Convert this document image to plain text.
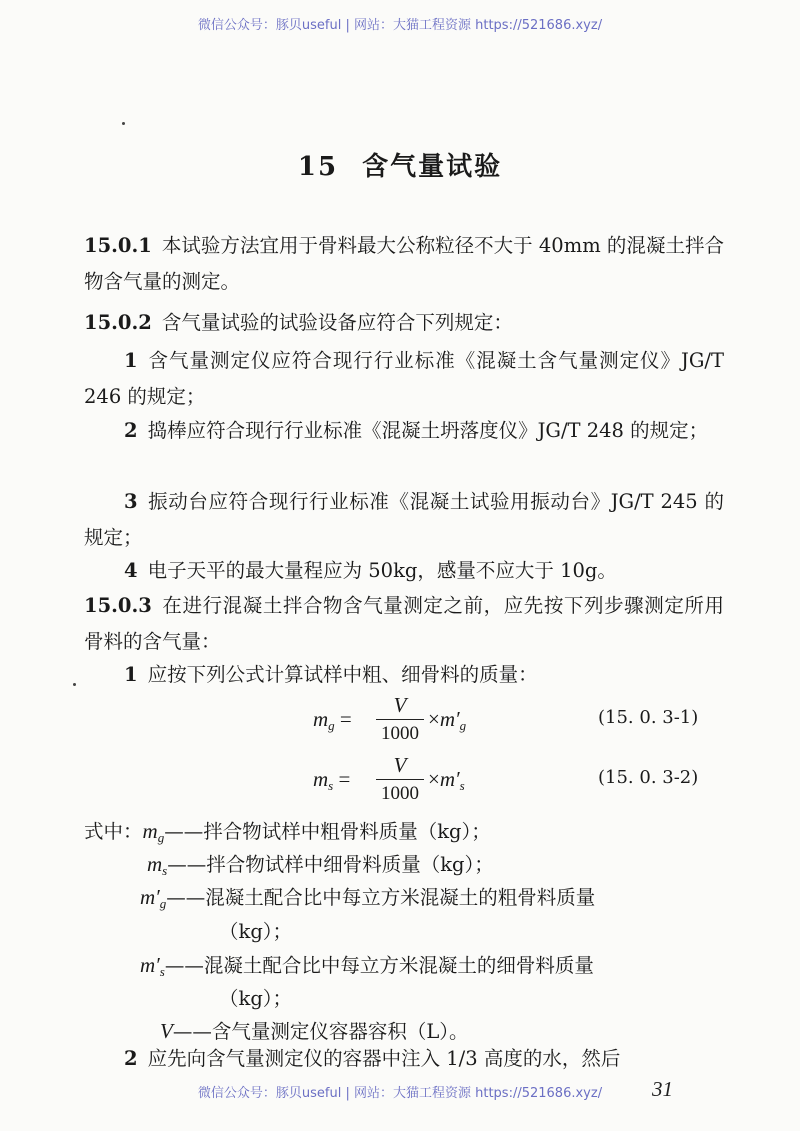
微信公众号：豚贝useful | 网站：大猫工程资源 https://521686.xyz/
15 含气量试验

15.0.1 本试验方法宜用于骨料最大公称粒径不大于 40mm 的混凝土拌合物含气量的测定。

15.0.2 含气量试验的试验设备应符合下列规定：

1 含气量测定仪应符合现行行业标准《混凝土含气量测定仪》JG/T 246 的规定；

2 捣棒应符合现行行业标准《混凝土坍落度仪》JG/T 248 的规定；

3 振动台应符合现行行业标准《混凝土试验用振动台》JG/T 245 的规定；

4 电子天平的最大量程应为 50kg，感量不应大于 10g。

15.0.3 在进行混凝土拌合物含气量测定之前，应先按下列步骤测定所用骨料的含气量：

1 应按下列公式计算试样中粗、细骨料的质量：

$m_g$ =
V
1000
$\times m'_g$	(15. 0. 3-1)
$m_s$ =
V
1000
$\times m'_s$	(15. 0. 3-2)
式中：$m_g——$拌合物试样中粗骨料质量（kg）；
$m_s——$拌合物试样中细骨料质量（kg）；
$m'_g——$混凝土配合比中每立方米混凝土的粗骨料质量
（kg）；
$m'_s——$混凝土配合比中每立方米混凝土的细骨料质量
（kg）；
V——含气量测定仪容器容积（L）。

2 应先向含气量测定仪的容器中注入 1/3 高度的水，然后

微信公众号：豚贝useful | 网站：大猫工程资源 https://521686.xyz/	31
